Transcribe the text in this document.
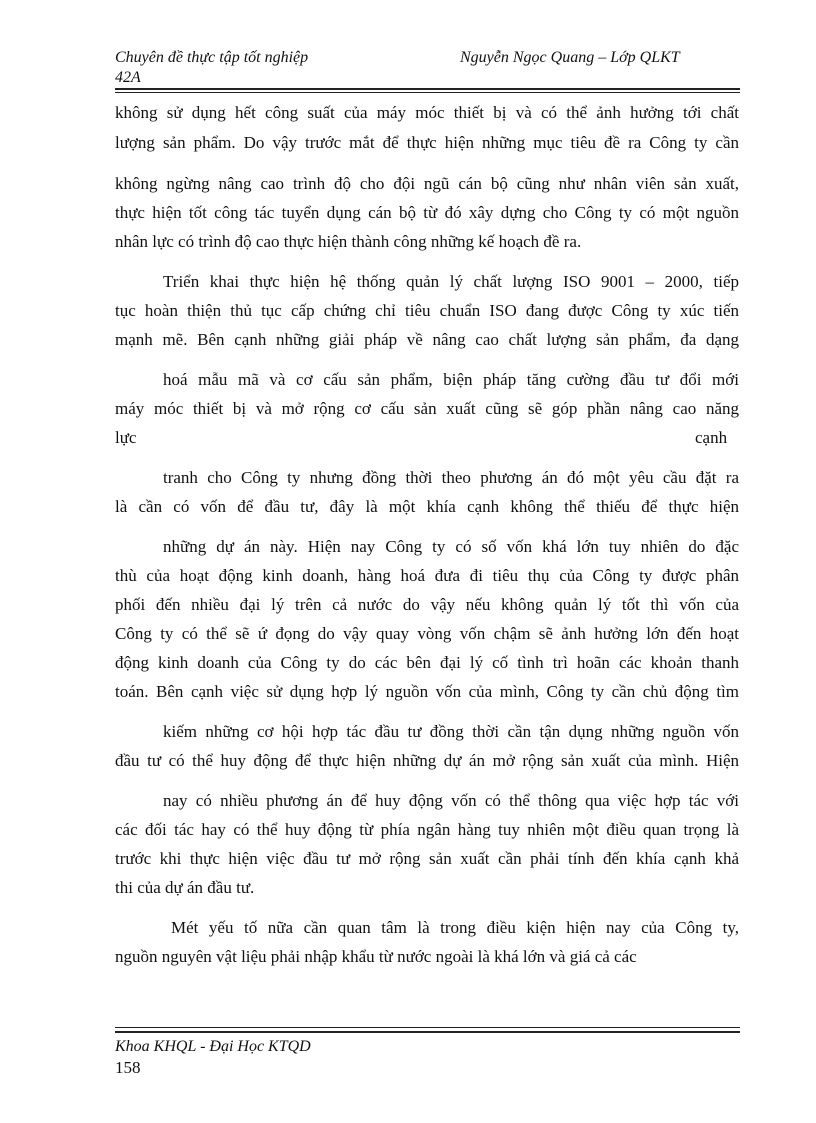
Chuyên đề thực tập tốt nghiệp
42A
Nguyễn Ngọc Quang – Lớp QLKT
không sử dụng hết công suất của máy móc thiết bị và có thể ảnh hưởng tới chất
lượng sản phẩm. Do vậy trước mắt để thực hiện những mục tiêu đề ra Công ty cần
không ngừng nâng cao trình độ cho đội ngũ cán bộ cũng như nhân viên sản xuất,
thực hiện tốt công tác tuyển dụng cán bộ từ đó xây dựng cho Công ty có một nguồn
nhân lực có trình độ cao thực hiện thành công những kế hoạch đề ra.
Triển khai thực hiện hệ thống quản lý chất lượng ISO 9001 – 2000, tiếp
tục hoàn thiện thủ tục cấp chứng chỉ tiêu chuẩn ISO đang được Công ty xúc tiến
mạnh mẽ. Bên cạnh những giải pháp về nâng cao chất lượng sản phẩm, đa dạng
hoá mẫu mã và cơ cấu sản phẩm, biện pháp tăng cường đầu tư đổi mới
máy móc thiết bị và mở rộng cơ cấu sản xuất cũng sẽ góp phần nâng cao năng
lực	cạnh
tranh cho Công ty nhưng đồng thời theo phương án đó một yêu cầu đặt ra
là cần có vốn để đầu tư, đây là một khía cạnh không thể thiếu để thực hiện
những dự án này. Hiện nay Công ty có số vốn khá lớn tuy nhiên do đặc
thù của hoạt động kinh doanh, hàng hoá đưa đi tiêu thụ của Công ty được phân
phối đến nhiều đại lý trên cả nước do vậy nếu không quản lý tốt thì vốn của
Công ty có thể sẽ ứ đọng do vậy quay vòng vốn chậm sẽ ảnh hưởng lớn đến hoạt
động kinh doanh của Công ty do các bên đại lý cố tình trì hoãn các khoản thanh
toán. Bên cạnh việc sử dụng hợp lý nguồn vốn của mình, Công ty cần chủ động tìm
kiếm những cơ hội hợp tác đầu tư đồng thời cần tận dụng những nguồn vốn
đầu tư có thể huy động để thực hiện những dự án mở rộng sản xuất của mình. Hiện
nay có nhiều phương án để huy động vốn có thể thông qua việc hợp tác với
các đối tác hay có thể huy động từ phía ngân hàng tuy nhiên một điều quan trọng là
trước khi thực hiện việc đầu tư mở rộng sản xuất cần phải tính đến khía cạnh khả
thi của dự án đầu tư.
Mét yếu tố nữa cần quan tâm là trong điều kiện hiện nay của Công ty,
nguồn nguyên vật liệu phải nhập khẩu từ nước ngoài là khá lớn và giá cả các
Khoa KHQL - Đại Học KTQD
158
